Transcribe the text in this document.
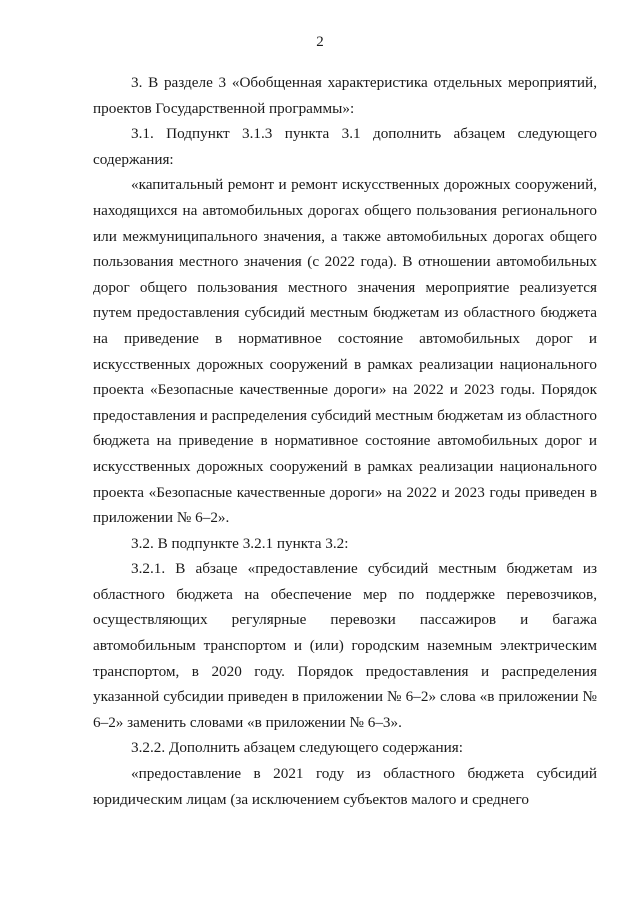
2

3. В разделе 3 «Обобщенная характеристика отдельных мероприятий, проектов Государственной программы»:

3.1. Подпункт 3.1.3 пункта 3.1 дополнить абзацем следующего содержания:

«капитальный ремонт и ремонт искусственных дорожных сооружений, находящихся на автомобильных дорогах общего пользования регионального или межмуниципального значения, а также автомобильных дорогах общего пользования местного значения (с 2022 года). В отношении автомобильных дорог общего пользования местного значения мероприятие реализуется путем предоставления субсидий местным бюджетам из областного бюджета на приведение в нормативное состояние автомобильных дорог и искусственных дорожных сооружений в рамках реализации национального проекта «Безопасные качественные дороги» на 2022 и 2023 годы. Порядок предоставления и распределения субсидий местным бюджетам из областного бюджета на приведение в нормативное состояние автомобильных дорог и искусственных дорожных сооружений в рамках реализации национального проекта «Безопасные качественные дороги» на 2022 и 2023 годы приведен в приложении № 6–2».

3.2. В подпункте 3.2.1 пункта 3.2:

3.2.1. В абзаце «предоставление субсидий местным бюджетам из областного бюджета на обеспечение мер по поддержке перевозчиков, осуществляющих регулярные перевозки пассажиров и багажа автомобильным транспортом и (или) городским наземным электрическим транспортом, в 2020 году. Порядок предоставления и распределения указанной субсидии приведен в приложении № 6–2» слова «в приложении № 6–2» заменить словами «в приложении № 6–3».

3.2.2. Дополнить абзацем следующего содержания:

«предоставление в 2021 году из областного бюджета субсидий юридическим лицам (за исключением субъектов малого и среднего
